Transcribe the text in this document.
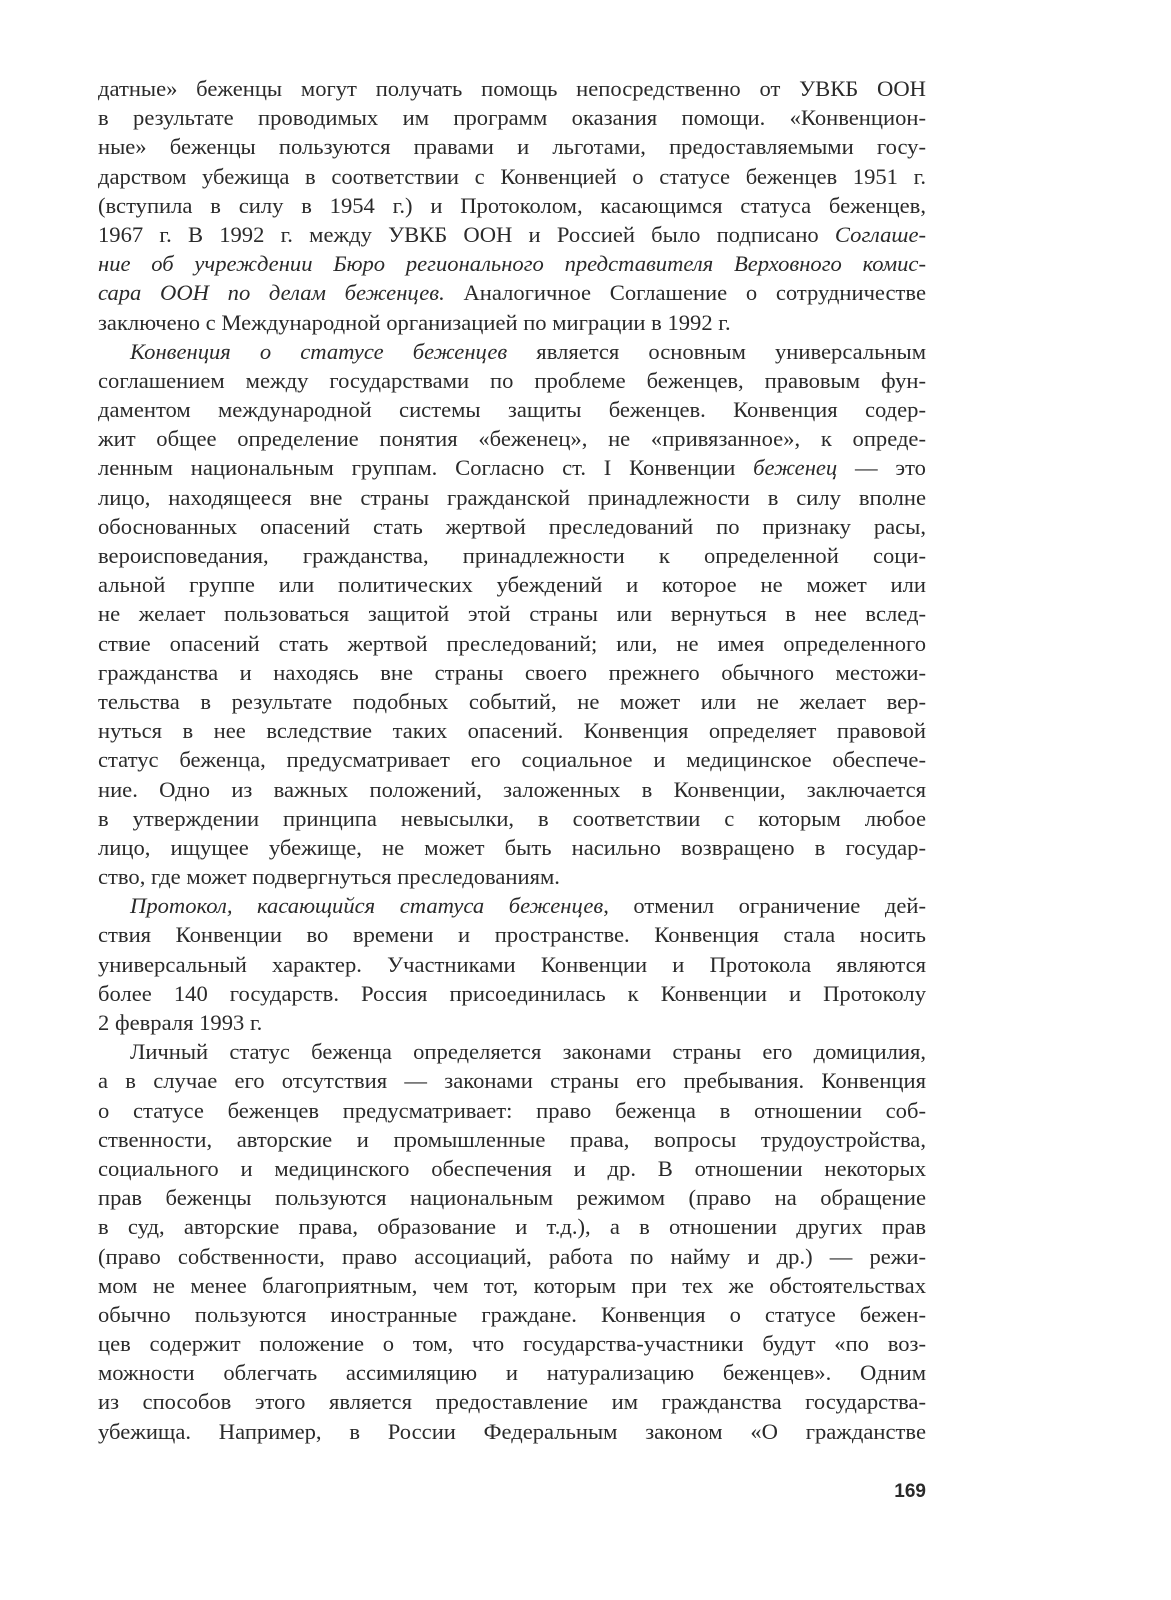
датные» беженцы могут получать помощь непосредственно от УВКБ ООН
в результате проводимых им программ оказания помощи. «Конвенцион-
ные» беженцы пользуются правами и льготами, предоставляемыми госу-
дарством убежища в соответствии с Конвенцией о статусе беженцев 1951 г.
(вступила в силу в 1954 г.) и Протоколом, касающимся статуса беженцев,
1967 г. В 1992 г. между УВКБ ООН и Россией было подписано Соглаше-
ние об учреждении Бюро регионального представителя Верховного комис-
сара ООН по делам беженцев. Аналогичное Соглашение о сотрудничестве
заключено с Международной организацией по миграции в 1992 г.
Конвенция о статусе беженцев является основным универсальным
соглашением между государствами по проблеме беженцев, правовым фун-
даментом международной системы защиты беженцев. Конвенция содер-
жит общее определение понятия «беженец», не «привязанное», к опреде-
ленным национальным группам. Согласно ст. I Конвенции беженец — это
лицо, находящееся вне страны гражданской принадлежности в силу вполне
обоснованных опасений стать жертвой преследований по признаку расы,
вероисповедания, гражданства, принадлежности к определенной соци-
альной группе или политических убеждений и которое не может или
не желает пользоваться защитой этой страны или вернуться в нее вслед-
ствие опасений стать жертвой преследований; или, не имея определенного
гражданства и находясь вне страны своего прежнего обычного местожи-
тельства в результате подобных событий, не может или не желает вер-
нуться в нее вследствие таких опасений. Конвенция определяет правовой
статус беженца, предусматривает его социальное и медицинское обеспече-
ние. Одно из важных положений, заложенных в Конвенции, заключается
в утверждении принципа невысылки, в соответствии с которым любое
лицо, ищущее убежище, не может быть насильно возвращено в государ-
ство, где может подвергнуться преследованиям.
Протокол, касающийся статуса беженцев, отменил ограничение дей-
ствия Конвенции во времени и пространстве. Конвенция стала носить
универсальный характер. Участниками Конвенции и Протокола являются
более 140 государств. Россия присоединилась к Конвенции и Протоколу
2 февраля 1993 г.
Личный статус беженца определяется законами страны его домицилия,
а в случае его отсутствия — законами страны его пребывания. Конвенция
о статусе беженцев предусматривает: право беженца в отношении соб-
ственности, авторские и промышленные права, вопросы трудоустройства,
социального и медицинского обеспечения и др. В отношении некоторых
прав беженцы пользуются национальным режимом (право на обращение
в суд, авторские права, образование и т.д.), а в отношении других прав
(право собственности, право ассоциаций, работа по найму и др.) — режи-
мом не менее благоприятным, чем тот, которым при тех же обстоятельствах
обычно пользуются иностранные граждане. Конвенция о статусе бежен-
цев содержит положение о том, что государства-участники будут «по воз-
можности облегчать ассимиляцию и натурализацию беженцев». Одним
из способов этого является предоставление им гражданства государства-
убежища. Например, в России Федеральным законом «О гражданстве
169
